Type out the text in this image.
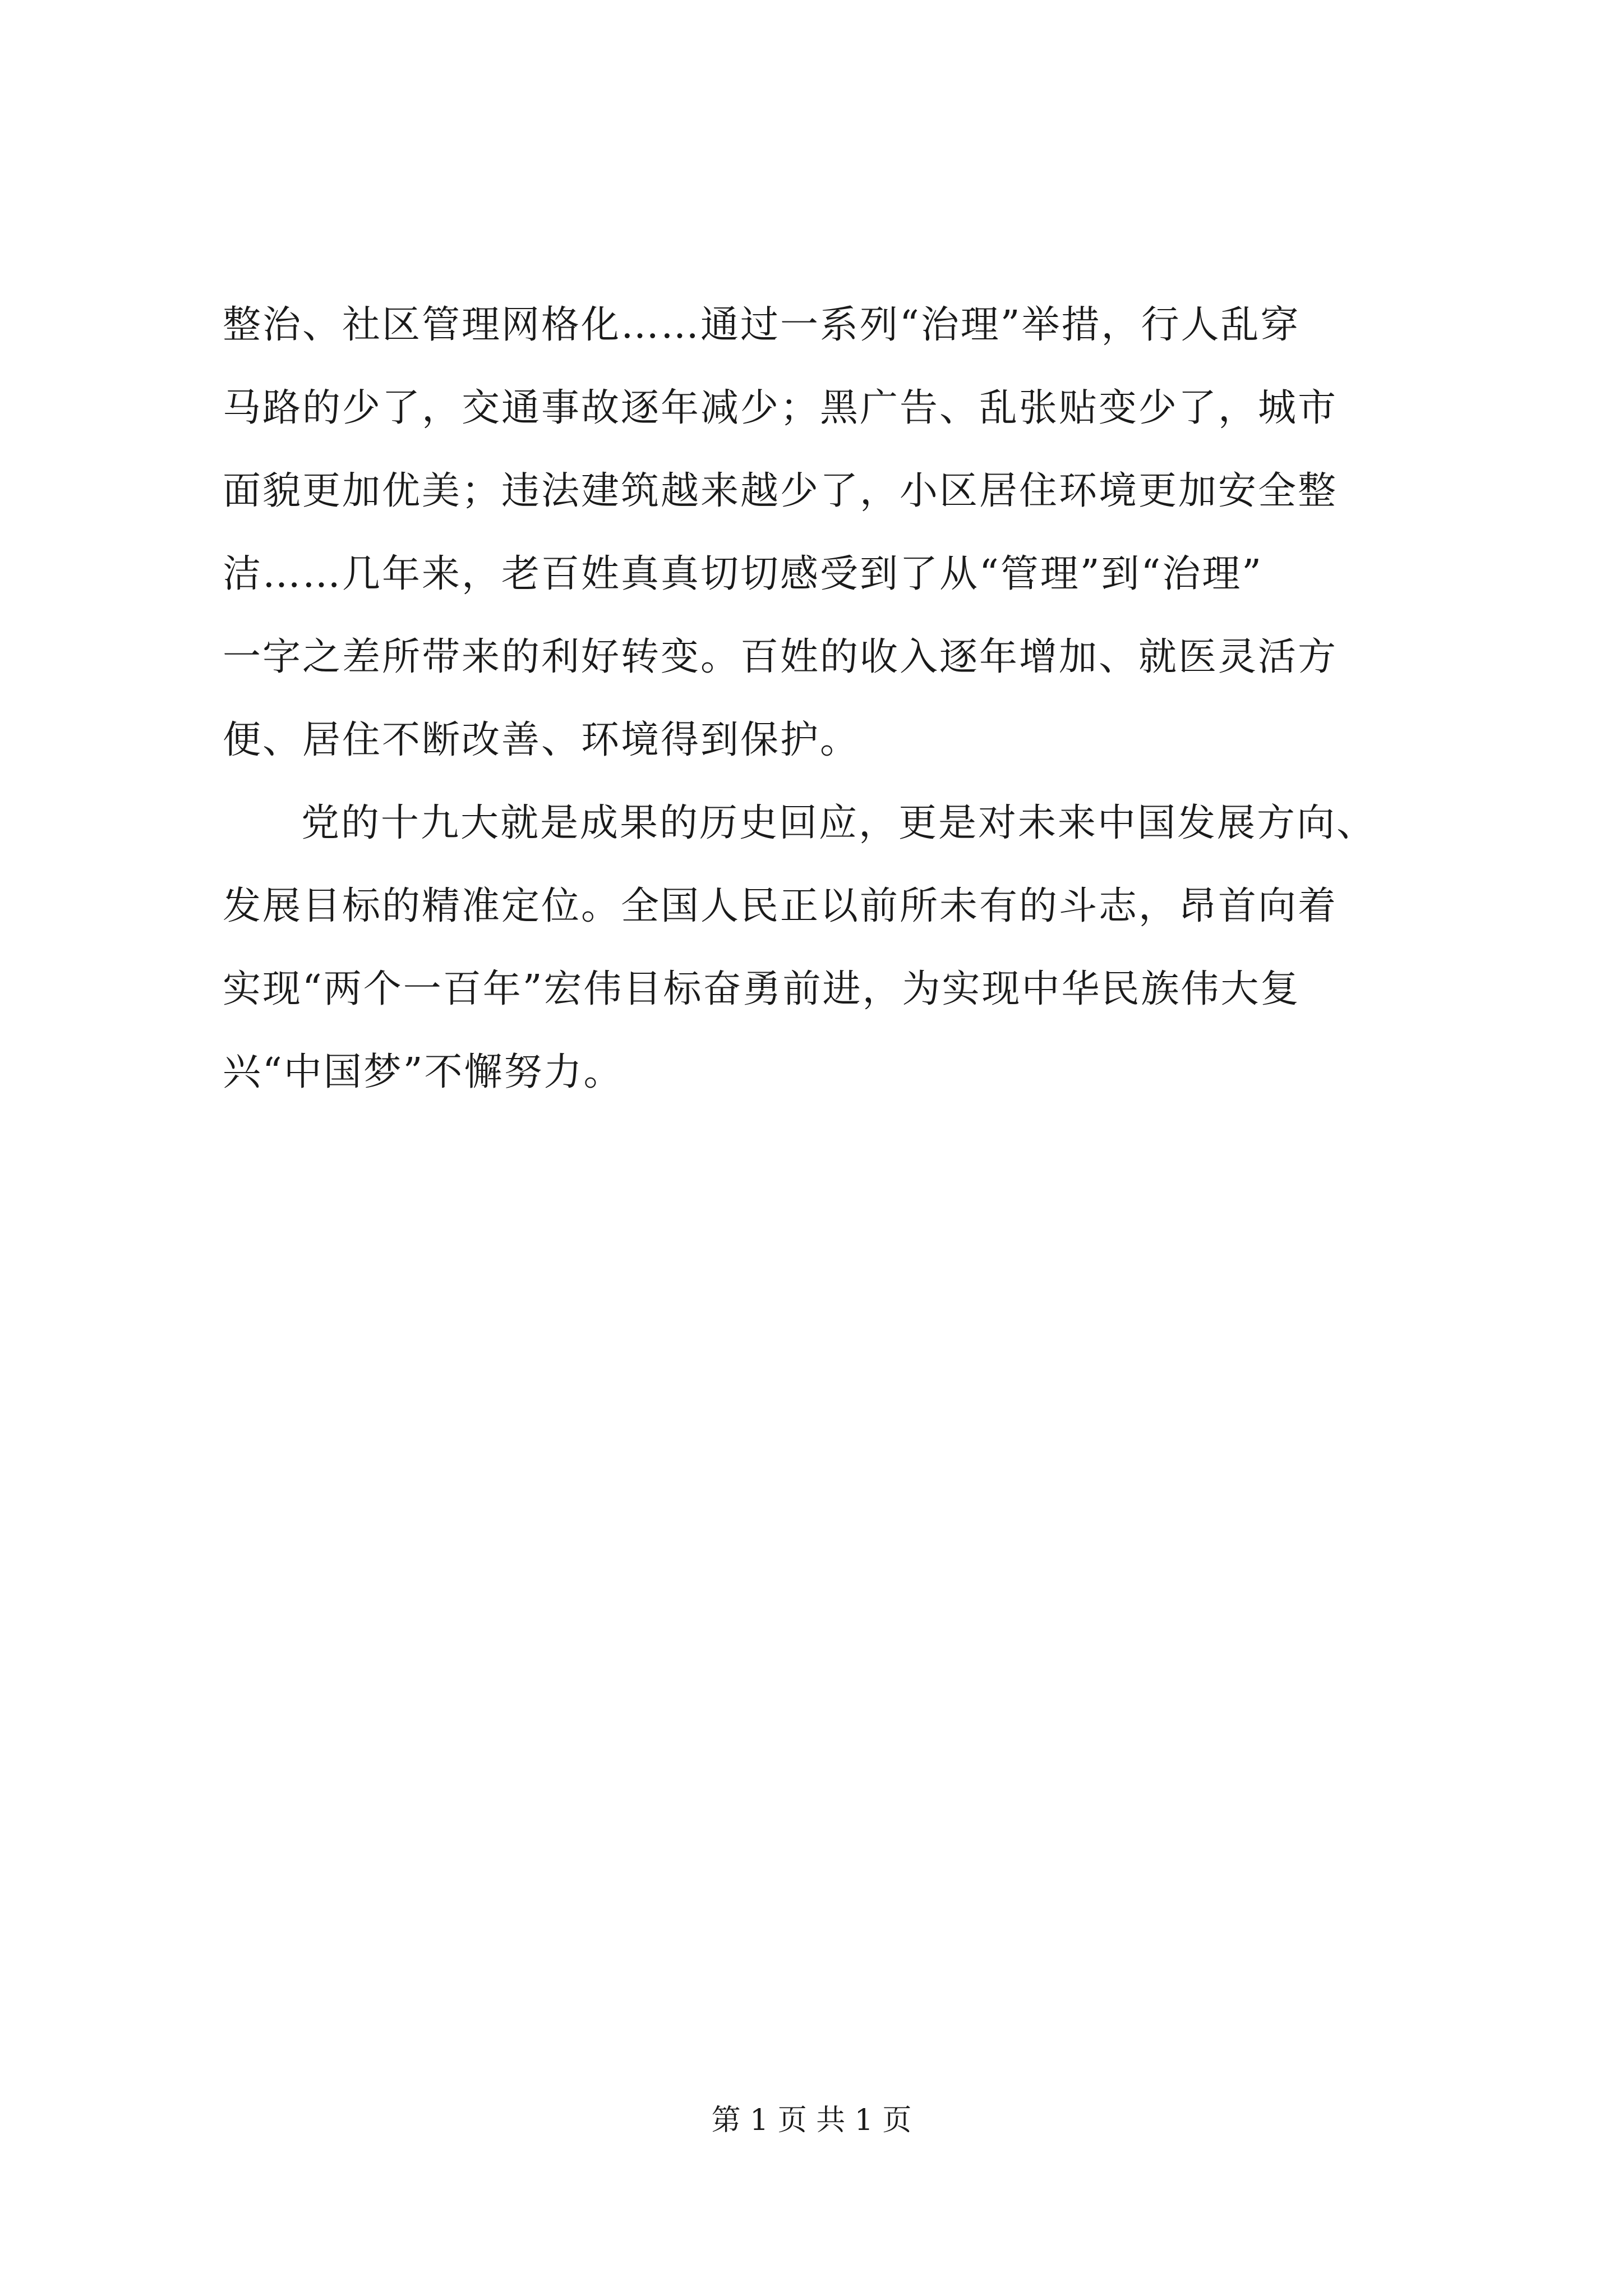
整治、社区管理网格化……通过一系列“治理”举措，行人乱穿
马路的少了，交通事故逐年减少；黑广告、乱张贴变少了，城市
面貌更加优美；违法建筑越来越少了，小区居住环境更加安全整
洁……几年来，老百姓真真切切感受到了从“管理”到“治理”
一字之差所带来的利好转变。百姓的收入逐年增加、就医灵活方
便、居住不断改善、环境得到保护。
党的十九大就是成果的历史回应，更是对未来中国发展方向、
发展目标的精准定位。全国人民正以前所未有的斗志，昂首向着
实现“两个一百年”宏伟目标奋勇前进，为实现中华民族伟大复
兴“中国梦”不懈努力。
第 1 页 共 1 页
